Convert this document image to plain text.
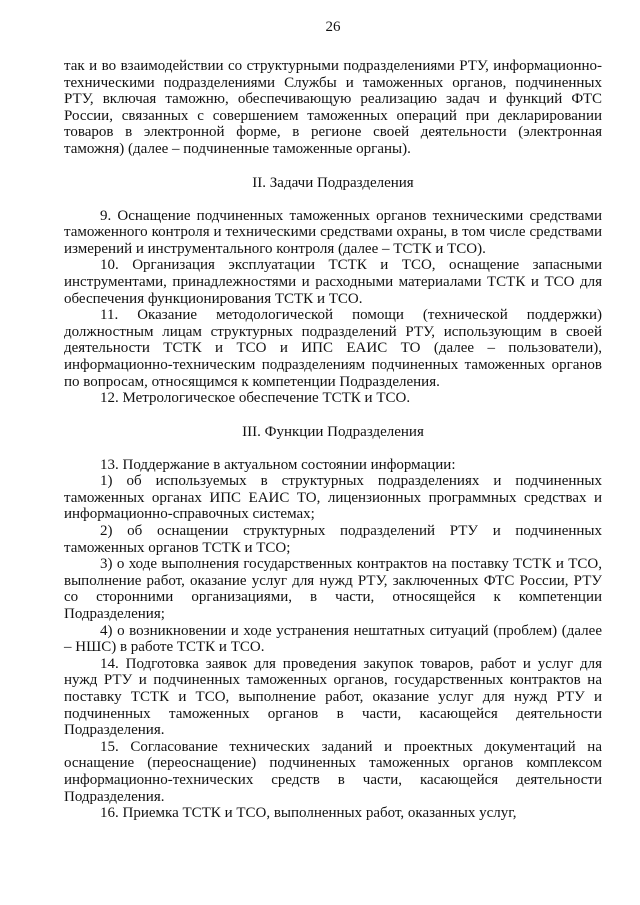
26

так и во взаимодействии со структурными подразделениями РТУ, информационно-техническими подразделениями Службы и таможенных органов, подчиненных РТУ, включая таможню, обеспечивающую реализацию задач и функций ФТС России, связанных с совершением таможенных операций при декларировании товаров в электронной форме, в регионе своей деятельности (электронная таможня) (далее – подчиненные таможенные органы).

II. Задачи Подразделения

9. Оснащение подчиненных таможенных органов техническими средствами таможенного контроля и техническими средствами охраны, в том числе средствами измерений и инструментального контроля (далее – ТСТК и ТСО).

10. Организация эксплуатации ТСТК и ТСО, оснащение запасными инструментами, принадлежностями и расходными материалами ТСТК и ТСО для обеспечения функционирования ТСТК и ТСО.

11. Оказание методологической помощи (технической поддержки) должностным лицам структурных подразделений РТУ, использующим в своей деятельности ТСТК и ТСО и ИПС ЕАИС ТО (далее – пользователи), информационно-техническим подразделениям подчиненных таможенных органов по вопросам, относящимся к компетенции Подразделения.

12. Метрологическое обеспечение ТСТК и ТСО.

III. Функции Подразделения

13. Поддержание в актуальном состоянии информации:

1) об используемых в структурных подразделениях и подчиненных таможенных органах ИПС ЕАИС ТО, лицензионных программных средствах и информационно-справочных системах;

2) об оснащении структурных подразделений РТУ и подчиненных таможенных органов ТСТК и ТСО;

3) о ходе выполнения государственных контрактов на поставку ТСТК и ТСО, выполнение работ, оказание услуг для нужд РТУ, заключенных ФТС России, РТУ со сторонними организациями, в части, относящейся к компетенции Подразделения;

4) о возникновении и ходе устранения нештатных ситуаций (проблем) (далее – НШС) в работе ТСТК и ТСО.

14. Подготовка заявок для проведения закупок товаров, работ и услуг для нужд РТУ и подчиненных таможенных органов, государственных контрактов на поставку ТСТК и ТСО, выполнение работ, оказание услуг для нужд РТУ и подчиненных таможенных органов в части, касающейся деятельности Подразделения.

15. Согласование технических заданий и проектных документаций на оснащение (переоснащение) подчиненных таможенных органов комплексом информационно-технических средств в части, касающейся деятельности Подразделения.

16. Приемка ТСТК и ТСО, выполненных работ, оказанных услуг,
